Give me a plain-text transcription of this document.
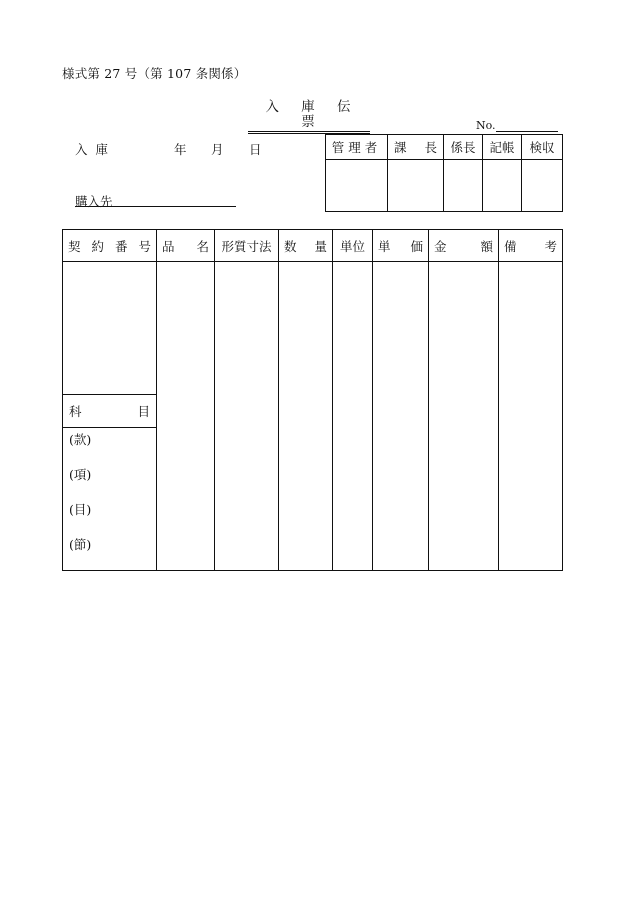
様式第 27 号（第 107 条関係）
入 庫 伝 票	No.
入庫	年 月 日
購入先
管理者	課長	係長	記帳	検収

契約番号	品名	形質寸法	数量	単位	単価	金額	備考

科目							

(款)
(項)
(目)
(節)							
